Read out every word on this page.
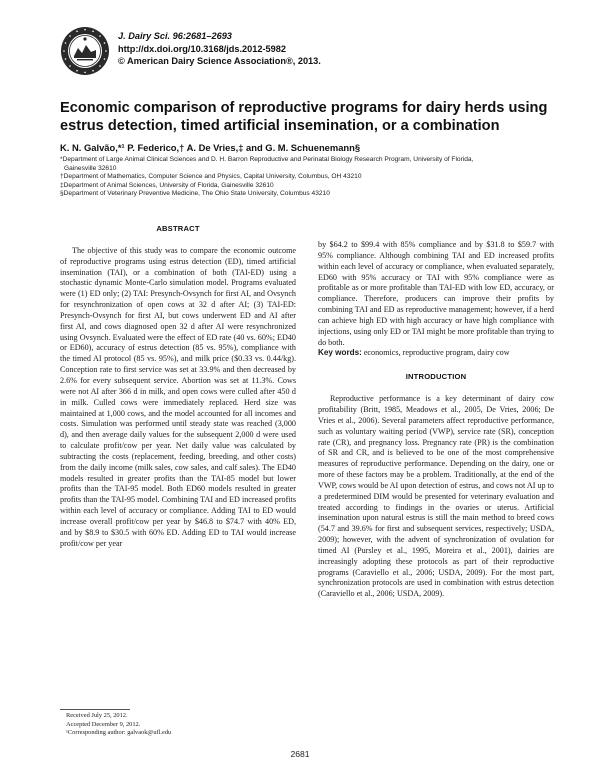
J. Dairy Sci. 96:2681–2693
http://dx.doi.org/10.3168/jds.2012-5982
© American Dairy Science Association®, 2013.
Economic comparison of reproductive programs for dairy herds using estrus detection, timed artificial insemination, or a combination
K. N. Galvão,*¹ P. Federico,† A. De Vries,‡ and G. M. Schuenemann§
*Department of Large Animal Clinical Sciences and D. H. Barron Reproductive and Perinatal Biology Research Program, University of Florida,
Gainesville 32610
†Department of Mathematics, Computer Science and Physics, Capital University, Columbus, OH 43210
‡Department of Animal Sciences, University of Florida, Gainesville 32610
§Department of Veterinary Preventive Medicine, The Ohio State University, Columbus 43210
ABSTRACT

The objective of this study was to compare the economic outcome of reproductive programs using estrus detection (ED), timed artificial insemination (TAI), or a combination of both (TAI-ED) using a stochastic dynamic Monte-Carlo simulation model. Programs evaluated were (1) ED only; (2) TAI: Presynch-Ovsynch for first AI, and Ovsynch for resynchronization of open cows at 32 d after AI; (3) TAI-ED: Presynch-Ovsynch for first AI, but cows underwent ED and AI after first AI, and cows diagnosed open 32 d after AI were resynchronized using Ovsynch. Evaluated were the effect of ED rate (40 vs. 60%; ED40 or ED60), accuracy of estrus detection (85 vs. 95%), compliance with the timed AI protocol (85 vs. 95%), and milk price ($0.33 vs. 0.44/kg). Conception rate to first service was set at 33.9% and then decreased by 2.6% for every subsequent service. Abortion was set at 11.3%. Cows were not AI after 366 d in milk, and open cows were culled after 450 d in milk. Culled cows were immediately replaced. Herd size was maintained at 1,000 cows, and the model accounted for all incomes and costs. Simulation was performed until steady state was reached (3,000 d), and then average daily values for the subsequent 2,000 d were used to calculate profit/cow per year. Net daily value was calculated by subtracting the costs (replacement, feeding, breeding, and other costs) from the daily income (milk sales, cow sales, and calf sales). The ED40 models resulted in greater profits than the TAI-85 model but lower profits than the TAI-95 model. Both ED60 models resulted in greater profits than the TAI-95 model. Combining TAI and ED increased profits within each level of accuracy or compliance. Adding TAI to ED would increase overall profit/cow per year by $46.8 to $74.7 with 40% ED, and by $8.9 to $30.5 with 60% ED. Adding ED to TAI would increase profit/cow per year

by $64.2 to $99.4 with 85% compliance and by $31.8 to $59.7 with 95% compliance. Although combining TAI and ED increased profits within each level of accuracy or compliance, when evaluated separately, ED60 with 95% accuracy or TAI with 95% compliance were as profitable as or more profitable than TAI-ED with low ED, accuracy, or compliance. Therefore, producers can improve their profits by combining TAI and ED as reproductive management; however, if a herd can achieve high ED with high accuracy or have high compliance with injections, using only ED or TAI might be more profitable than trying to do both.

Key words: economics, reproductive program, dairy cow

INTRODUCTION

Reproductive performance is a key determinant of dairy cow profitability (Britt, 1985, Meadows et al., 2005, De Vries, 2006; De Vries et al., 2006). Several parameters affect reproductive performance, such as voluntary waiting period (VWP), service rate (SR), conception rate (CR), and pregnancy loss. Pregnancy rate (PR) is the combination of SR and CR, and is believed to be one of the most comprehensive measures of reproductive performance. Depending on the dairy, one or more of these factors may be a problem. Traditionally, at the end of the VWP, cows would be AI upon detection of estrus, and cows not AI up to a predetermined DIM would be presented for veterinary evaluation and treated according to findings in the ovaries or uterus. Artificial insemination upon natural estrus is still the main method to breed cows (54.7 and 39.6% for first and subsequent services, respectively; USDA, 2009); however, with the advent of synchronization of ovulation for timed AI (Pursley et al., 1995, Moreira et al., 2001), dairies are increasingly adopting these protocols as part of their reproductive programs (Caraviello et al., 2006; USDA, 2009). For the most part, synchronization protocols are used in combination with estrus detection (Caraviello et al., 2006; USDA, 2009).

Received July 25, 2012.
Accepted December 9, 2012.
¹Corresponding author: galvaok@ufl.edu
2681
